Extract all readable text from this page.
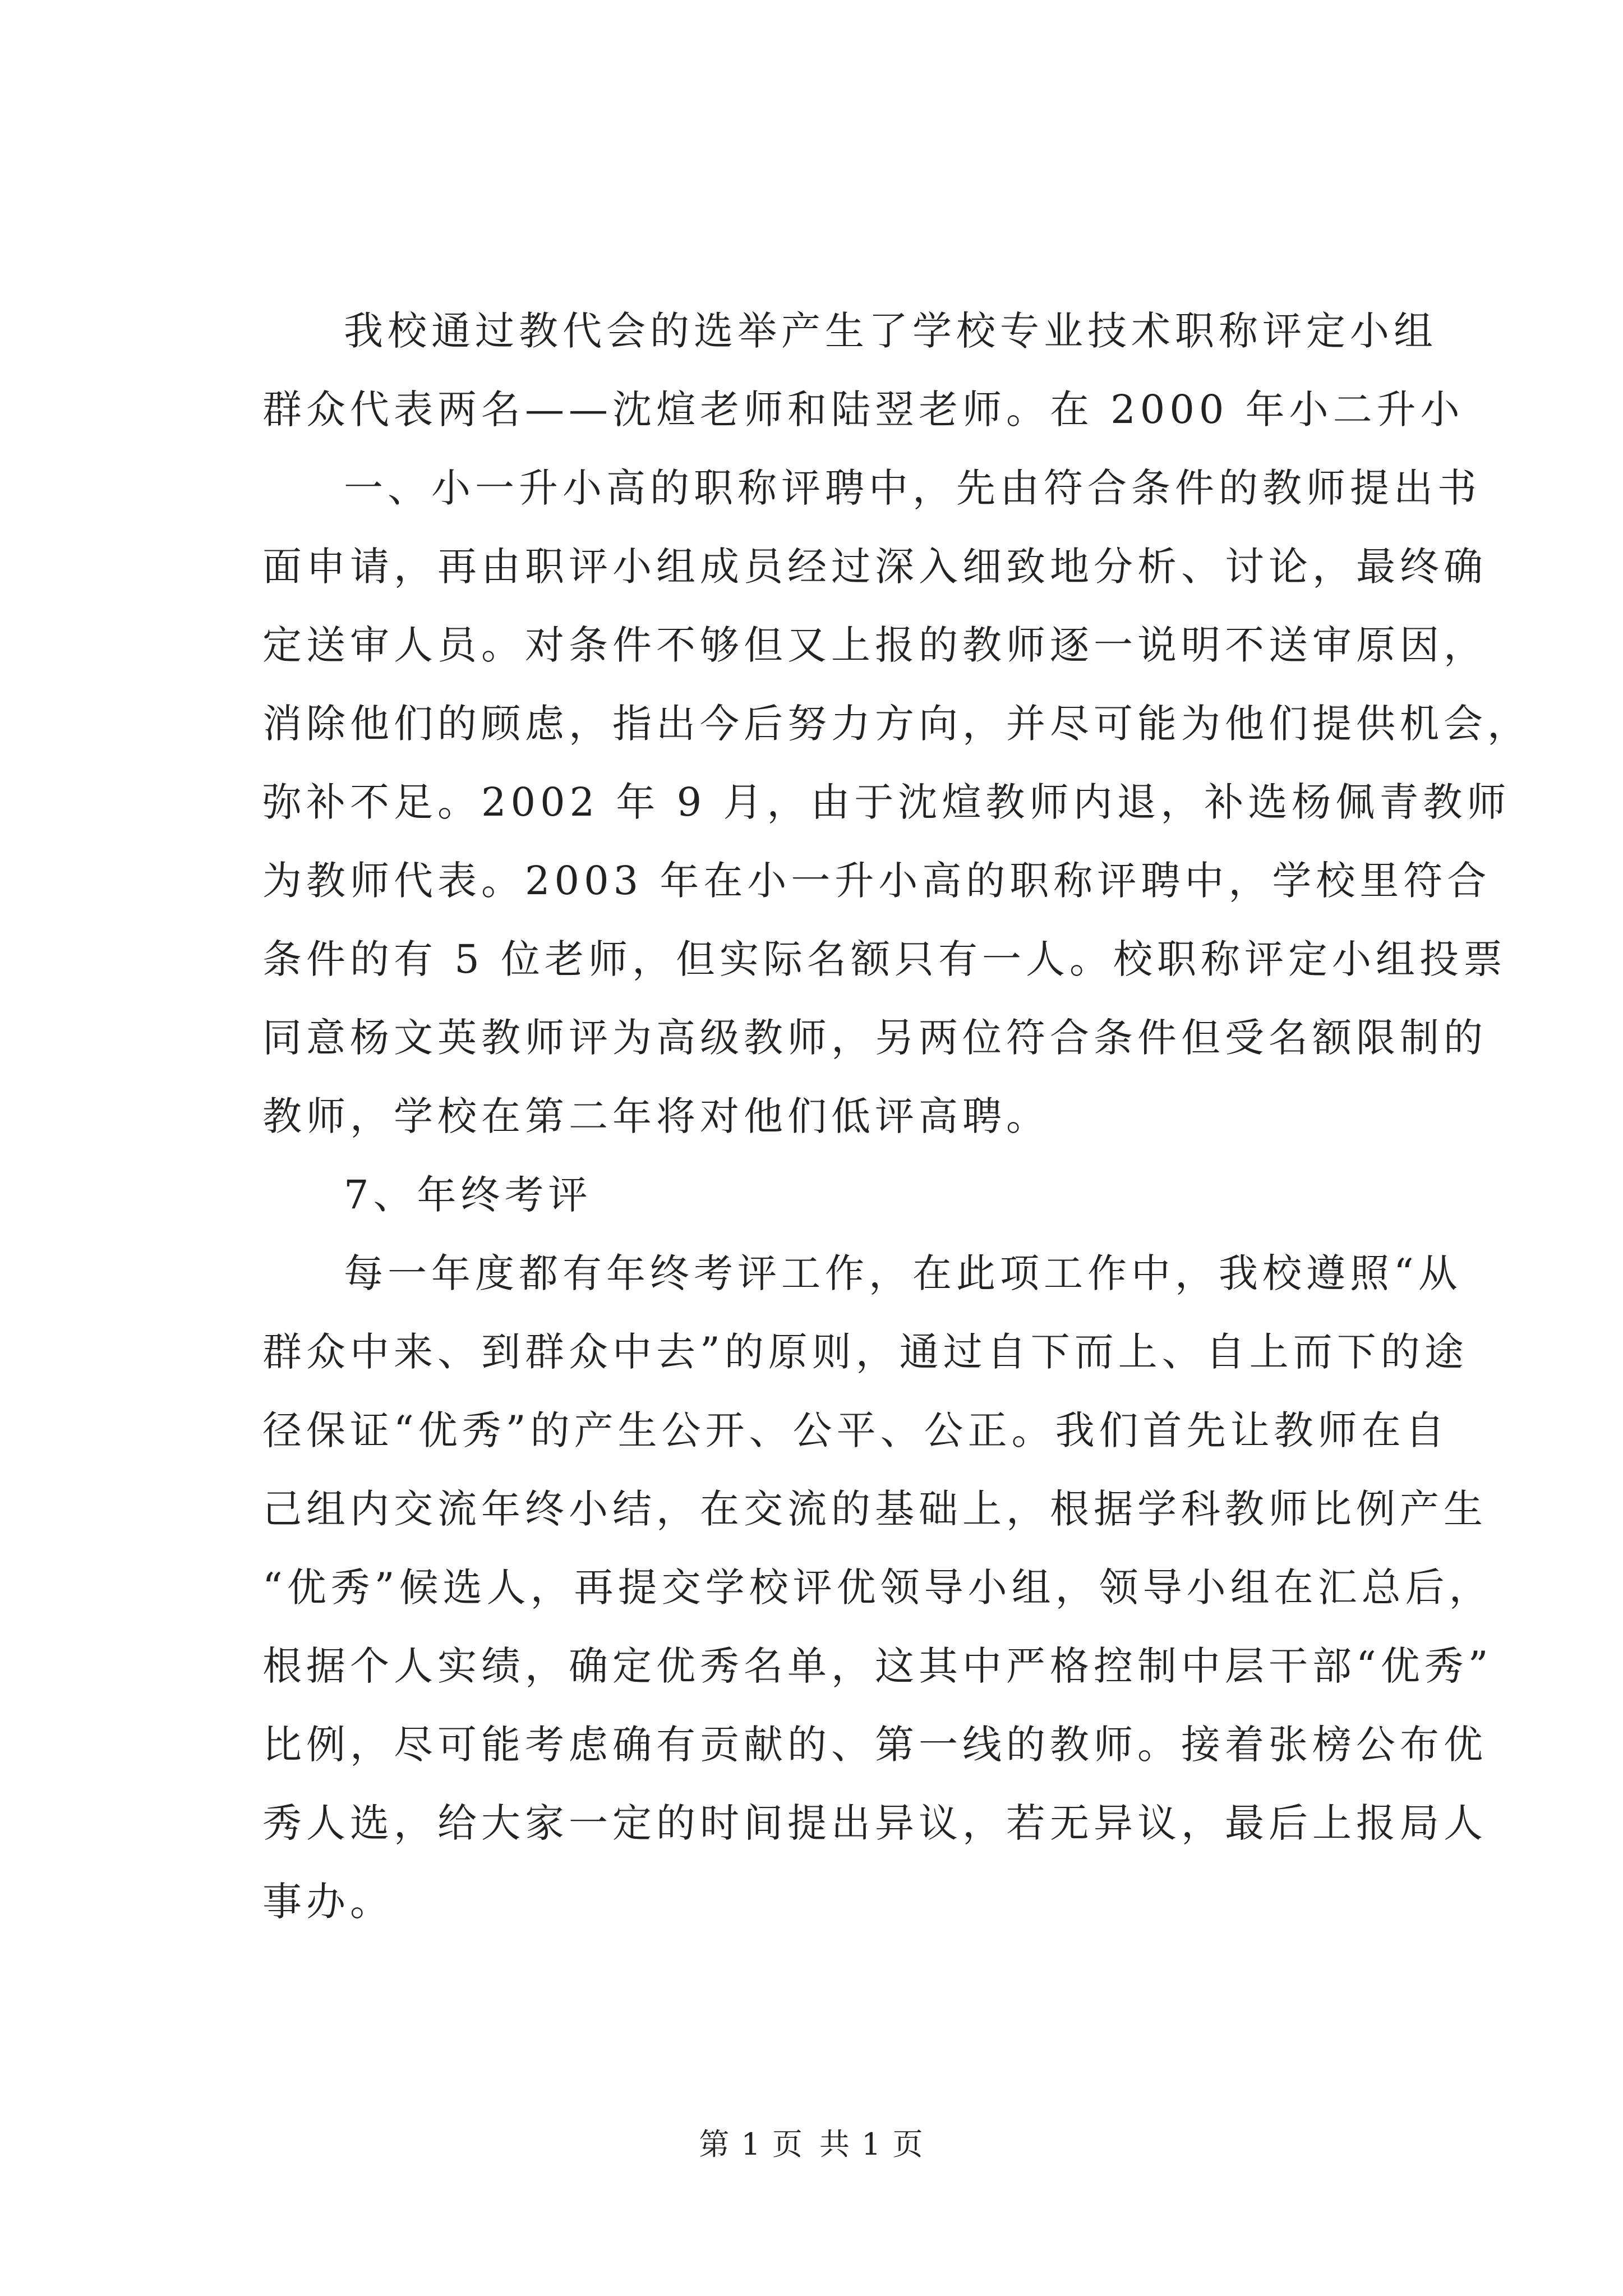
我校通过教代会的选举产生了学校专业技术职称评定小组
群众代表两名——沈煊老师和陆翌老师。在 2000 年小二升小
一、小一升小高的职称评聘中，先由符合条件的教师提出书
面申请，再由职评小组成员经过深入细致地分析、讨论，最终确
定送审人员。对条件不够但又上报的教师逐一说明不送审原因，
消除他们的顾虑，指出今后努力方向，并尽可能为他们提供机会，
弥补不足。2002 年 9 月，由于沈煊教师内退，补选杨佩青教师
为教师代表。2003 年在小一升小高的职称评聘中，学校里符合
条件的有 5 位老师，但实际名额只有一人。校职称评定小组投票
同意杨文英教师评为高级教师，另两位符合条件但受名额限制的
教师，学校在第二年将对他们低评高聘。
7、年终考评
每一年度都有年终考评工作，在此项工作中，我校遵照“从
群众中来、到群众中去”的原则，通过自下而上、自上而下的途
径保证“优秀”的产生公开、公平、公正。我们首先让教师在自
己组内交流年终小结，在交流的基础上，根据学科教师比例产生
“优秀”候选人，再提交学校评优领导小组，领导小组在汇总后，
根据个人实绩，确定优秀名单，这其中严格控制中层干部“优秀”
比例，尽可能考虑确有贡献的、第一线的教师。接着张榜公布优
秀人选，给大家一定的时间提出异议，若无异议，最后上报局人
事办。
第 1 页 共 1 页
